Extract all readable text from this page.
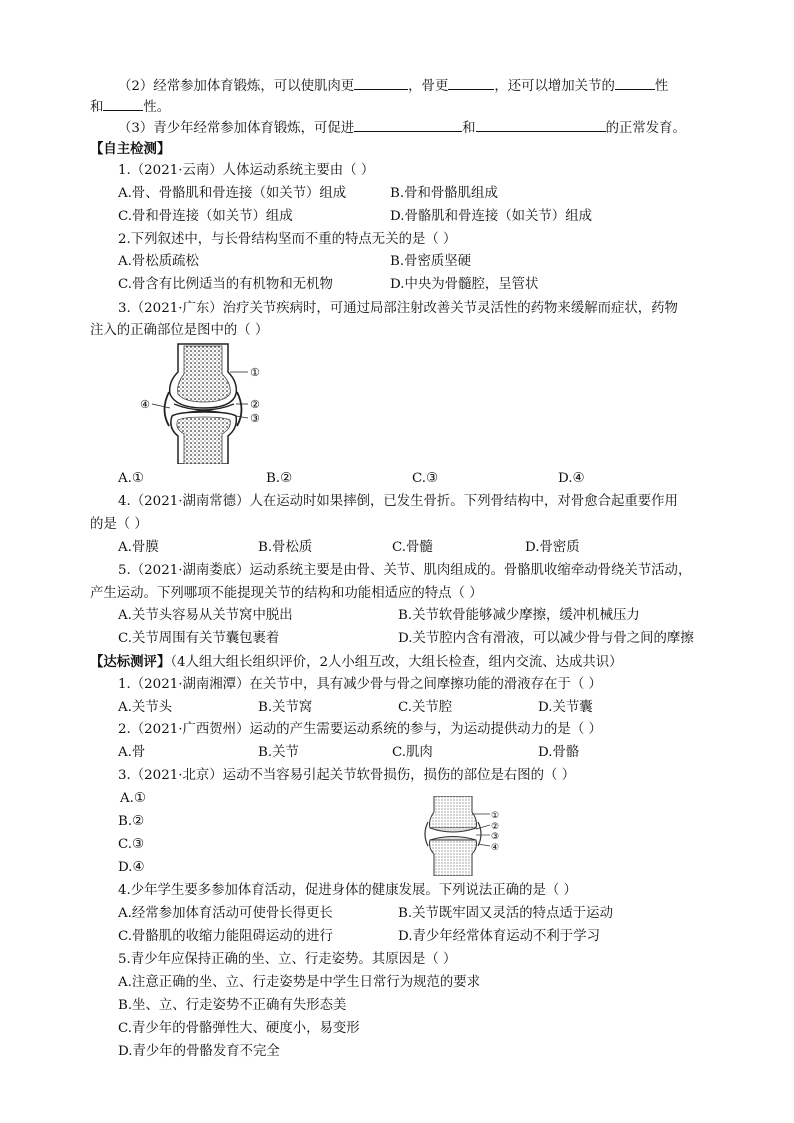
（2）经常参加体育锻炼，可以使肌肉更	，骨更	，还可以增加关节的	性
和	性。
（3）青少年经常参加体育锻炼，可促进	和	的正常发育。
【自主检测】
1.（2021·云南）人体运动系统主要由（ ）
A.骨、骨骼肌和骨连接（如关节）组成	B.骨和骨骼肌组成
C.骨和骨连接（如关节）组成	D.骨骼肌和骨连接（如关节）组成
2.下列叙述中，与长骨结构坚而不重的特点无关的是（ ）
A.骨松质疏松	B.骨密质坚硬
C.骨含有比例适当的有机物和无机物	D.中央为骨髓腔，呈管状
3.（2021·广东）治疗关节疾病时，可通过局部注射改善关节灵活性的药物来缓解而症状，药物
注入的正确部位是图中的（ ）
①
②
③
④
A.①	B.②	C.③	D.④
4.（2021·湖南常德）人在运动时如果摔倒，已发生骨折。下列骨结构中，对骨愈合起重要作用
的是（ ）
A.骨膜	B.骨松质	C.骨髓	D.骨密质
5.（2021·湖南娄底）运动系统主要是由骨、关节、肌肉组成的。骨骼肌收缩牵动骨绕关节活动，
产生运动。下列哪项不能提现关节的结构和功能相适应的特点（ ）
A.关节头容易从关节窝中脱出	B.关节软骨能够减少摩擦，缓冲机械压力
C.关节周围有关节囊包裹着	D.关节腔内含有滑液，可以减少骨与骨之间的摩擦
【达标测评】（4人组大组长组织评价，2人小组互改，大组长检查，组内交流、达成共识）
1.（2021·湖南湘潭）在关节中，具有减少骨与骨之间摩擦功能的滑液存在于（ ）
A.关节头	B.关节窝	C.关节腔	D.关节囊
2.（2021·广西贺州）运动的产生需要运动系统的参与，为运动提供动力的是（ ）
A.骨	B.关节	C.肌肉	D.骨骼
3.（2021·北京）运动不当容易引起关节软骨损伤，损伤的部位是右图的（ ）
A.①
B.②
C.③
D.④
①
②
③
④
4.少年学生要多参加体育活动，促进身体的健康发展。下列说法正确的是（ ）
A.经常参加体育活动可使骨长得更长	B.关节既牢固又灵活的特点适于运动
C.骨骼肌的收缩力能阻碍运动的进行	D.青少年经常体育运动不利于学习
5.青少年应保持正确的坐、立、行走姿势。其原因是（ ）
A.注意正确的坐、立、行走姿势是中学生日常行为规范的要求
B.坐、立、行走姿势不正确有失形态美
C.青少年的骨骼弹性大、硬度小，易变形
D.青少年的骨骼发育不完全
